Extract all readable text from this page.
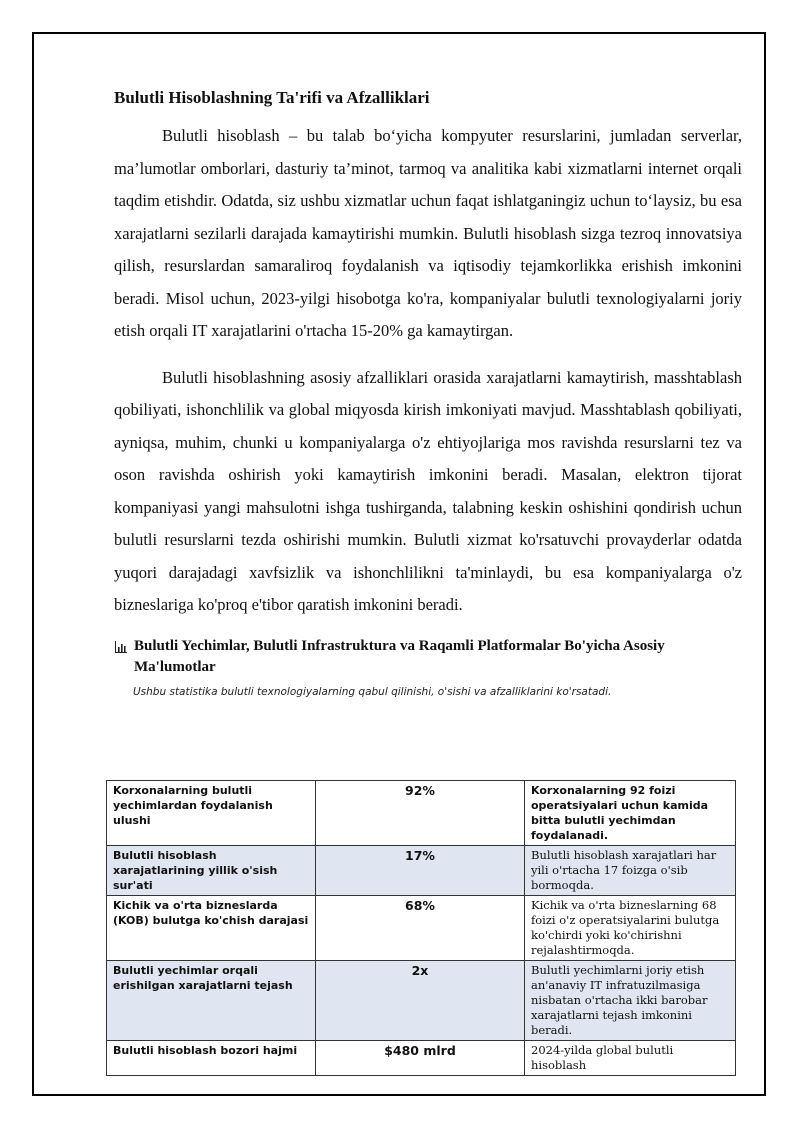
Bulutli Hisoblashning Ta'rifi va Afzalliklari

Bulutli hisoblash – bu talab bo‘yicha kompyuter resurslarini, jumladan serverlar, ma’lumotlar omborlari, dasturiy ta’minot, tarmoq va analitika kabi xizmatlarni internet orqali taqdim etishdir. Odatda, siz ushbu xizmatlar uchun faqat ishlatganingiz uchun to‘laysiz, bu esa xarajatlarni sezilarli darajada kamaytirishi mumkin. Bulutli hisoblash sizga tezroq innovatsiya qilish, resurslardan samaraliroq foydalanish va iqtisodiy tejamkorlikka erishish imkonini beradi. Misol uchun, 2023-yilgi hisobotga ko'ra, kompaniyalar bulutli texnologiyalarni joriy etish orqali IT xarajatlarini o'rtacha 15-20% ga kamaytirgan.

Bulutli hisoblashning asosiy afzalliklari orasida xarajatlarni kamaytirish, masshtablash qobiliyati, ishonchlilik va global miqyosda kirish imkoniyati mavjud. Masshtablash qobiliyati, ayniqsa, muhim, chunki u kompaniyalarga o'z ehtiyojlariga mos ravishda resurslarni tez va oson ravishda oshirish yoki kamaytirish imkonini beradi. Masalan, elektron tijorat kompaniyasi yangi mahsulotni ishga tushirganda, talabning keskin oshishini qondirish uchun bulutli resurslarni tezda oshirishi mumkin. Bulutli xizmat ko'rsatuvchi provayderlar odatda yuqori darajadagi xavfsizlik va ishonchlilikni ta'minlaydi, bu esa kompaniyalarga o'z bizneslariga ko'proq e'tibor qaratish imkonini beradi.

Bulutli Yechimlar, Bulutli Infrastruktura va Raqamli Platformalar Bo'yicha Asosiy Ma'lumotlar
Ushbu statistika bulutli texnologiyalarning qabul qilinishi, o'sishi va afzalliklarini ko'rsatadi.
Korxonalarning bulutli yechimlardan foydalanish ulushi	92%	Korxonalarning 92 foizi operatsiyalari uchun kamida bitta bulutli yechimdan foydalanadi.
Bulutli hisoblash xarajatlarining yillik o'sish sur'ati	17%	Bulutli hisoblash xarajatlari har yili o'rtacha 17 foizga o'sib bormoqda.
Kichik va o'rta bizneslarda (KOB) bulutga ko'chish darajasi	68%	Kichik va o'rta bizneslarning 68 foizi o'z operatsiyalarini bulutga ko'chirdi yoki ko'chirishni rejalashtirmoqda.
Bulutli yechimlar orqali erishilgan xarajatlarni tejash	2x	Bulutli yechimlarni joriy etish an'anaviy IT infratuzilmasiga nisbatan o'rtacha ikki barobar xarajatlarni tejash imkonini beradi.
Bulutli hisoblash bozori hajmi	$480 mlrd	2024-yilda global bulutli hisoblash
